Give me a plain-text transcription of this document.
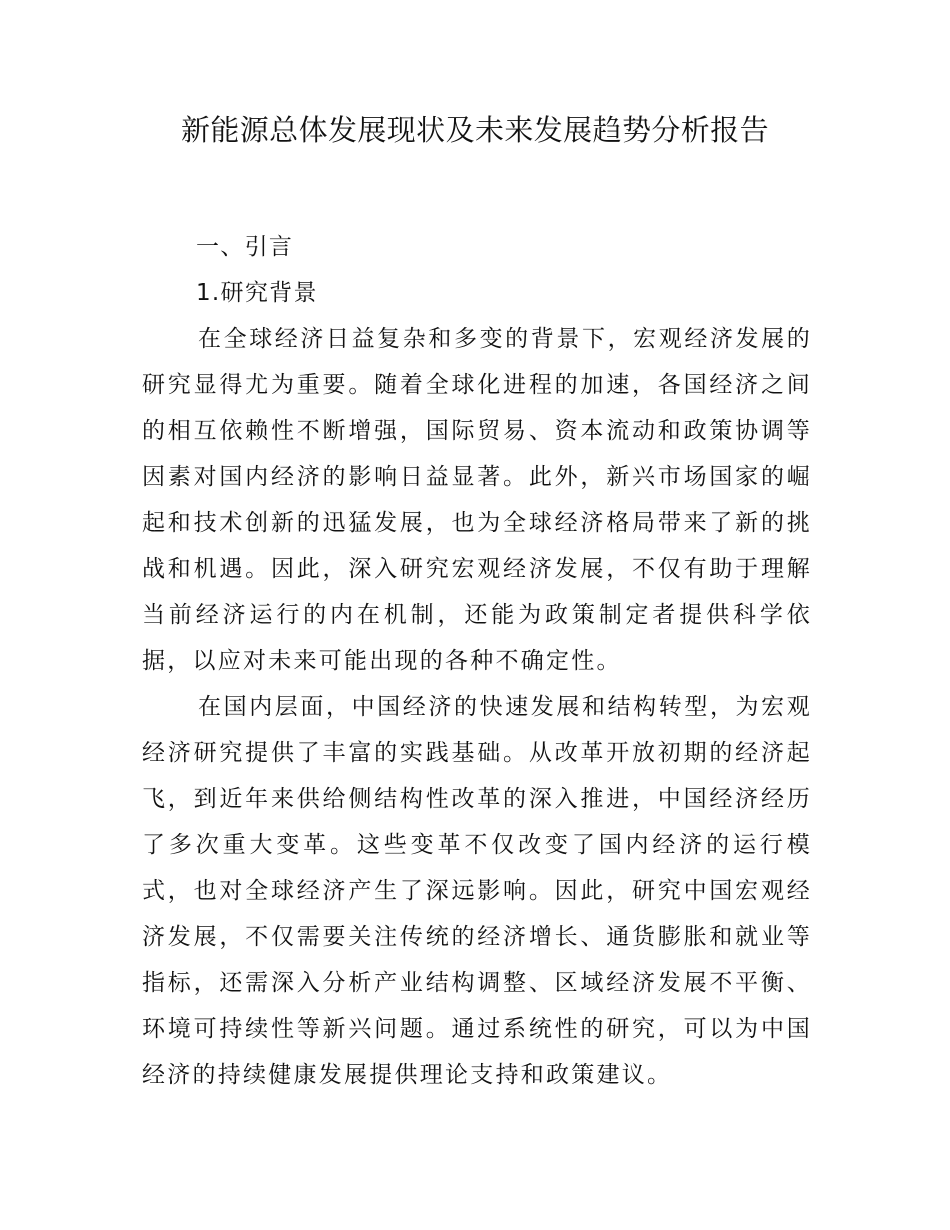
新能源总体发展现状及未来发展趋势分析报告

一、引言

1.研究背景

在全球经济日益复杂和多变的背景下，宏观经济发展的研究显得尤为重要。随着全球化进程的加速，各国经济之间的相互依赖性不断增强，国际贸易、资本流动和政策协调等因素对国内经济的影响日益显著。此外，新兴市场国家的崛起和技术创新的迅猛发展，也为全球经济格局带来了新的挑战和机遇。因此，深入研究宏观经济发展，不仅有助于理解当前经济运行的内在机制，还能为政策制定者提供科学依据，以应对未来可能出现的各种不确定性。

在国内层面，中国经济的快速发展和结构转型，为宏观经济研究提供了丰富的实践基础。从改革开放初期的经济起飞，到近年来供给侧结构性改革的深入推进，中国经济经历了多次重大变革。这些变革不仅改变了国内经济的运行模式，也对全球经济产生了深远影响。因此，研究中国宏观经济发展，不仅需要关注传统的经济增长、通货膨胀和就业等指标，还需深入分析产业结构调整、区域经济发展不平衡、环境可持续性等新兴问题。通过系统性的研究，可以为中国经济的持续健康发展提供理论支持和政策建议。
